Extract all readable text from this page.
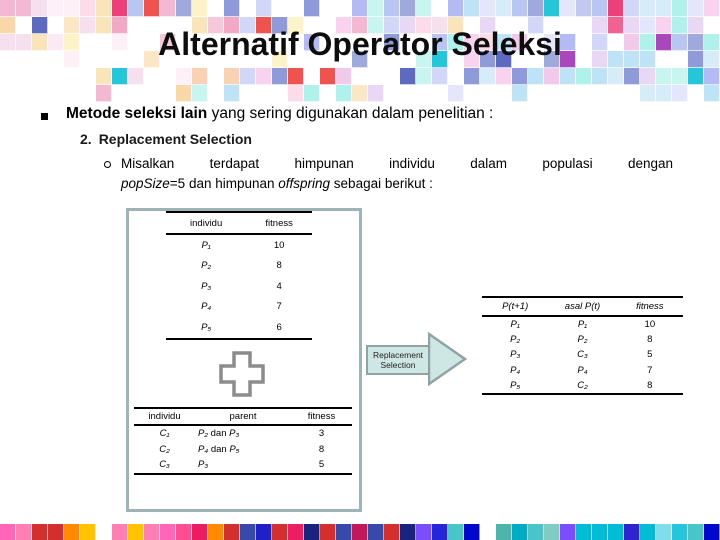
Alternatif Operator Seleksi
Metode seleksi lain yang sering digunakan dalam penelitian :
2. Replacement Selection
Misalkan terdapat himpunan individu dalam populasi dengan
popSize=5 dan himpunan offspring sebagai berikut :
individu	fitness
P₁	10
P₂	8
P₃	4
P₄	7
P₅	6
individu	parent	fitness
C₁	P₂ dan P₃	3
C₂	P₄ dan P₅	8
C₃	P₃	5
Replacement
Selection
P(t+1)	asal P(t)	fitness
P₁	P₁	10
P₂	P₂	8
P₃	C₃	5
P₄	P₄	7
P₅	C₂	8
